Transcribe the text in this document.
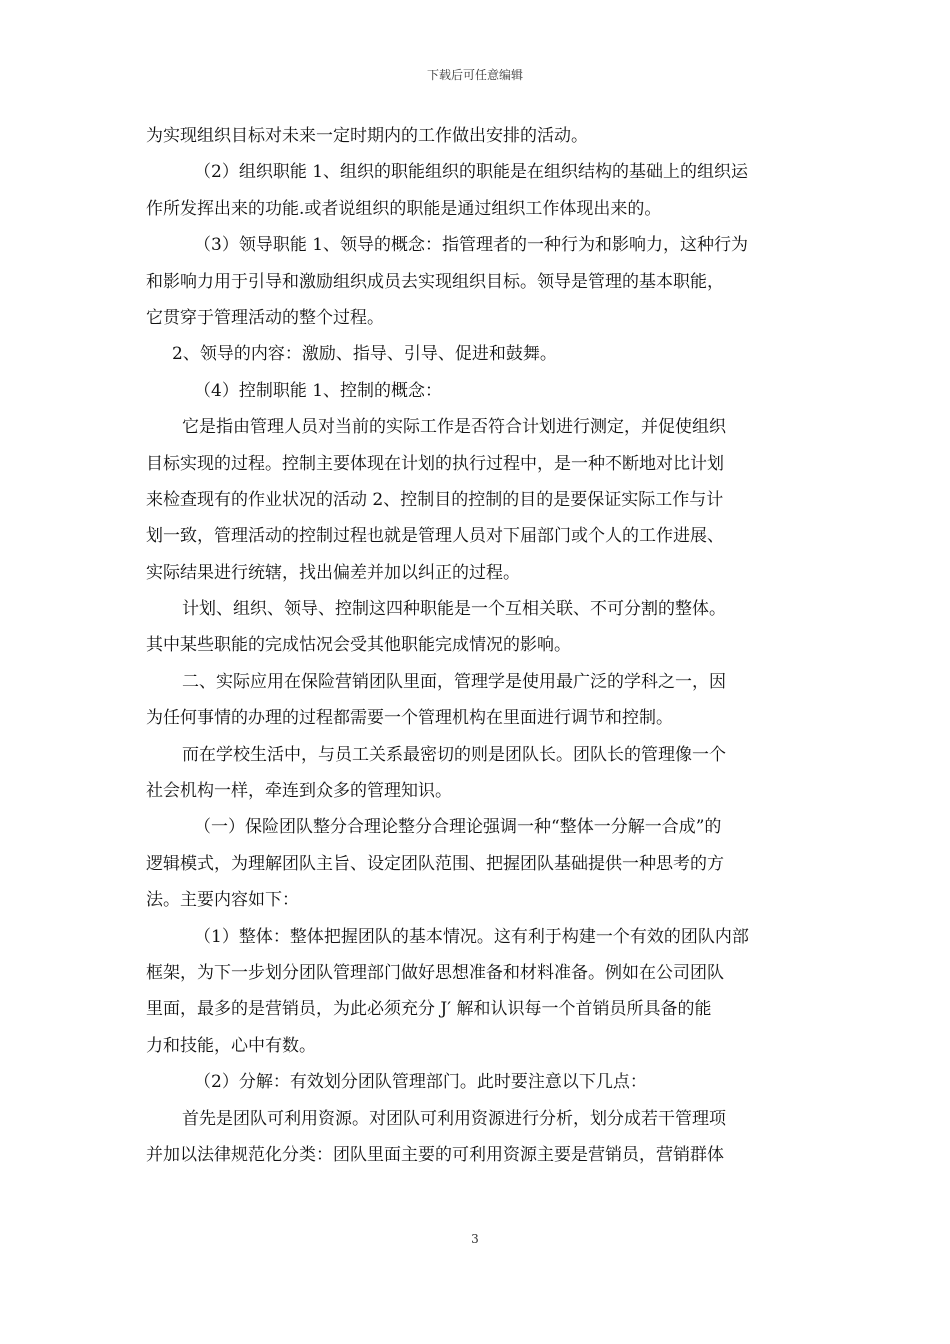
下载后可任意编辑
为实现组织目标对未来一定时期内的工作做出安排的活动。
（2）组织职能 1、组织的职能组织的职能是在组织结构的基础上的组织运
作所发挥出来的功能.或者说组织的职能是通过组织工作体现出来的。
（3）领导职能 1、领导的概念：指管理者的一种行为和影响力，这种行为
和影响力用于引导和激励组织成员去实现组织目标。领导是管理的基本职能，
它贯穿于管理活动的整个过程。
2、领导的内容：激励、指导、引导、促进和鼓舞。
（4）控制职能 1、控制的概念：
它是指由管理人员对当前的实际工作是否符合计划进行测定，并促使组织
目标实现的过程。控制主要体现在计划的执行过程中，是一种不断地对比计划
来检查现有的作业状况的活动 2、控制目的控制的目的是要保证实际工作与计
划一致，管理活动的控制过程也就是管理人员对下届部门或个人的工作进展、
实际结果进行统辖，找出偏差并加以纠正的过程。
计划、组织、领导、控制这四种职能是一个互相关联、不可分割的整体。
其中某些职能的完成怙况会受其他职能完成情况的影响。
二、实际应用在保险营销团队里面，管理学是使用最广泛的学科之一，因
为任何事情的办理的过程都需要一个管理机构在里面进行调节和控制。
而在学校生活中，与员工关系最密切的则是团队长。团队长的管理像一个
社会机构一样，牵连到众多的管理知识。
（一）保险团队整分合理论整分合理论强调一种“整体一分解一合成”的
逻辑模式，为理解团队主旨、设定团队范围、把握团队基础提供一种思考的方
法。主要内容如下：
（1）整体：整体把握团队的基本情况。这有利于构建一个有效的团队内部
框架，为下一步划分团队管理部门做好思想准备和材料准备。例如在公司团队
里面，最多的是营销员，为此必须充分 J′ 解和认识每一个首销员所具备的能
力和技能，心中有数。
（2）分解：有效划分团队管理部门。此时要注意以下几点：
首先是团队可利用资源。对团队可利用资源进行分析，划分成若干管理项
并加以法律规范化分类：团队里面主要的可利用资源主要是营销员，营销群体
3
